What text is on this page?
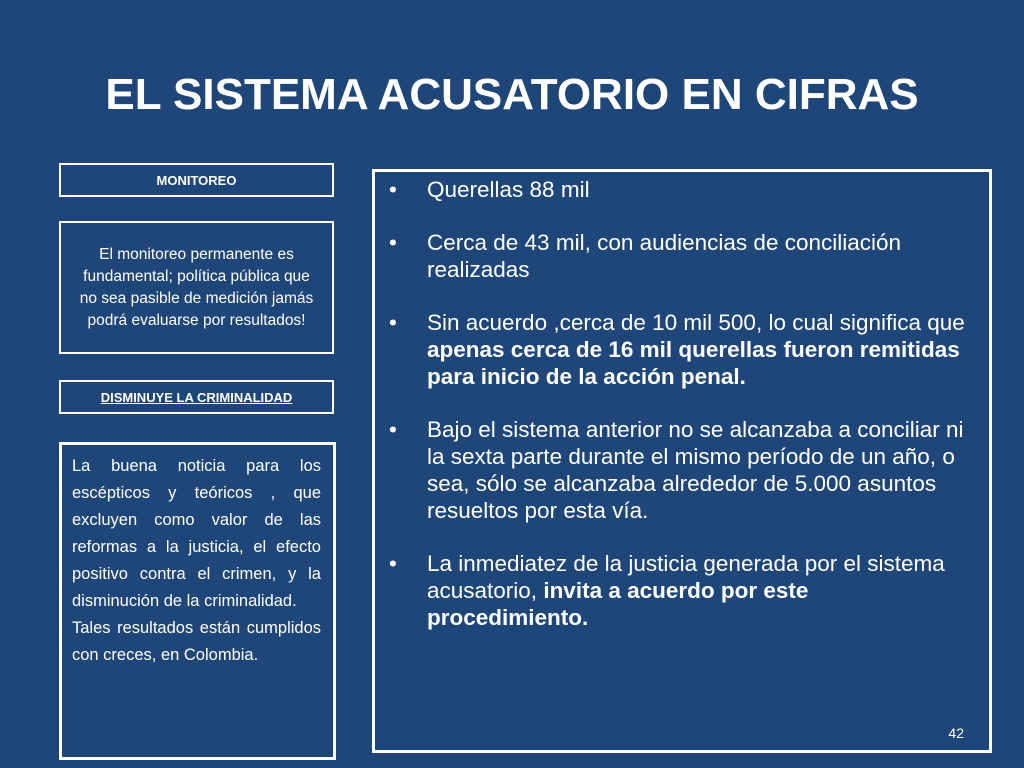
EL SISTEMA ACUSATORIO EN CIFRAS
MONITOREO
El monitoreo permanente es fundamental; política pública que no sea pasible de medición jamás podrá evaluarse por resultados!
DISMINUYE LA CRIMINALIDAD

La buena noticia para los escépticos y teóricos , que excluyen como valor de las reformas a la justicia, el efecto positivo contra el crimen, y la disminución de la criminalidad.

Tales resultados están cumplidos con creces, en Colombia.

• Querellas 88 mil
• Cerca de 43 mil, con audiencias de conciliación realizadas
• Sin acuerdo ,cerca de 10 mil 500, lo cual significa que apenas cerca de 16 mil querellas fueron remitidas para inicio de la acción penal.
• Bajo el sistema anterior no se alcanzaba a conciliar ni la sexta parte durante el mismo período de un año, o sea, sólo se alcanzaba alrededor de 5.000 asuntos resueltos por esta vía.
• La inmediatez de la justicia generada por el sistema acusatorio, invita a acuerdo por este procedimiento.
42
